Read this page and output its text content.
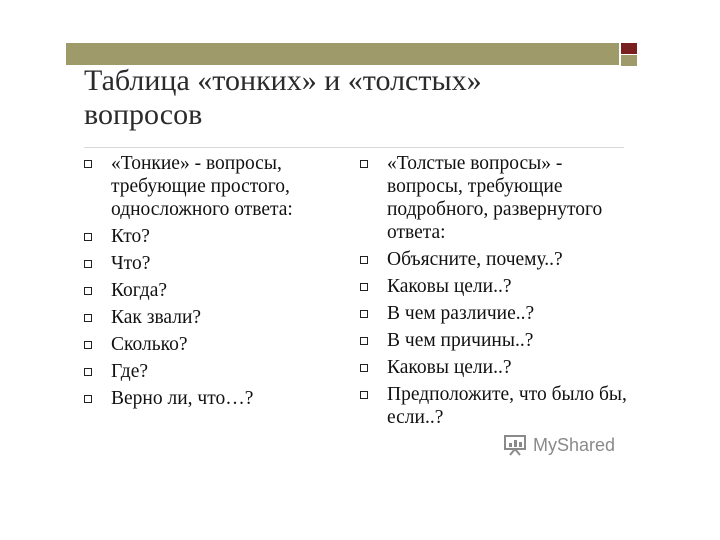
Таблица «тонких» и «толстых» вопросов
«Тонкие» - вопросы, требующие простого, односложного ответа:
Кто?
Что?
Когда?
Как звали?
Сколько?
Где?
Верно ли, что…?
«Толстые вопросы» - вопросы, требующие подробного, развернутого ответа:
Объясните, почему..?
Каковы цели..?
В чем различие..?
В чем причины..?
Каковы цели..?
Предположите, что было бы, если..?
MyShared
